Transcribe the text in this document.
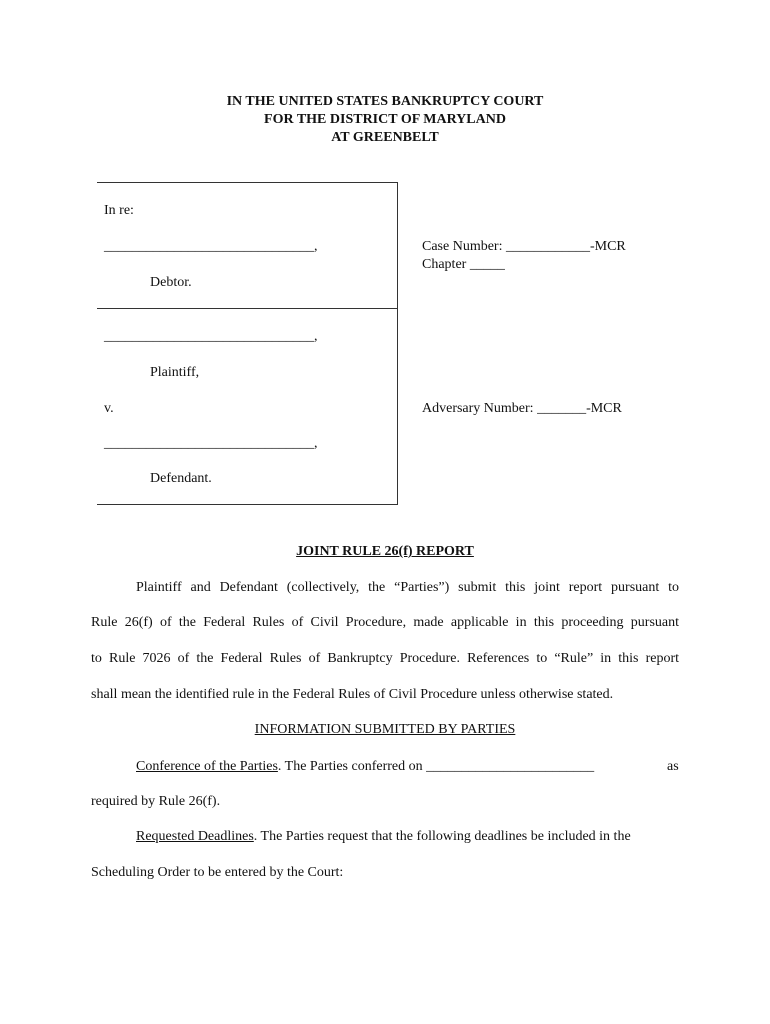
IN THE UNITED STATES BANKRUPTCY COURT
FOR THE DISTRICT OF MARYLAND
AT GREENBELT
In re:
______________________________,
Debtor.
______________________________,
Plaintiff,
v.
______________________________,
Defendant.
Case Number: ____________-MCR
Chapter _____
Adversary Number: _______-MCR
JOINT RULE 26(f) REPORT
Plaintiff and Defendant (collectively, the “Parties”) submit this joint report pursuant to
Rule 26(f) of the Federal Rules of Civil Procedure, made applicable in this proceeding pursuant
to Rule 7026 of the Federal Rules of Bankruptcy Procedure. References to “Rule” in this report
shall mean the identified rule in the Federal Rules of Civil Procedure unless otherwise stated.
INFORMATION SUBMITTED BY PARTIES
Conference of the Parties. The Parties conferred on ________________________	as
required by Rule 26(f).
Requested Deadlines. The Parties request that the following deadlines be included in the
Scheduling Order to be entered by the Court:
